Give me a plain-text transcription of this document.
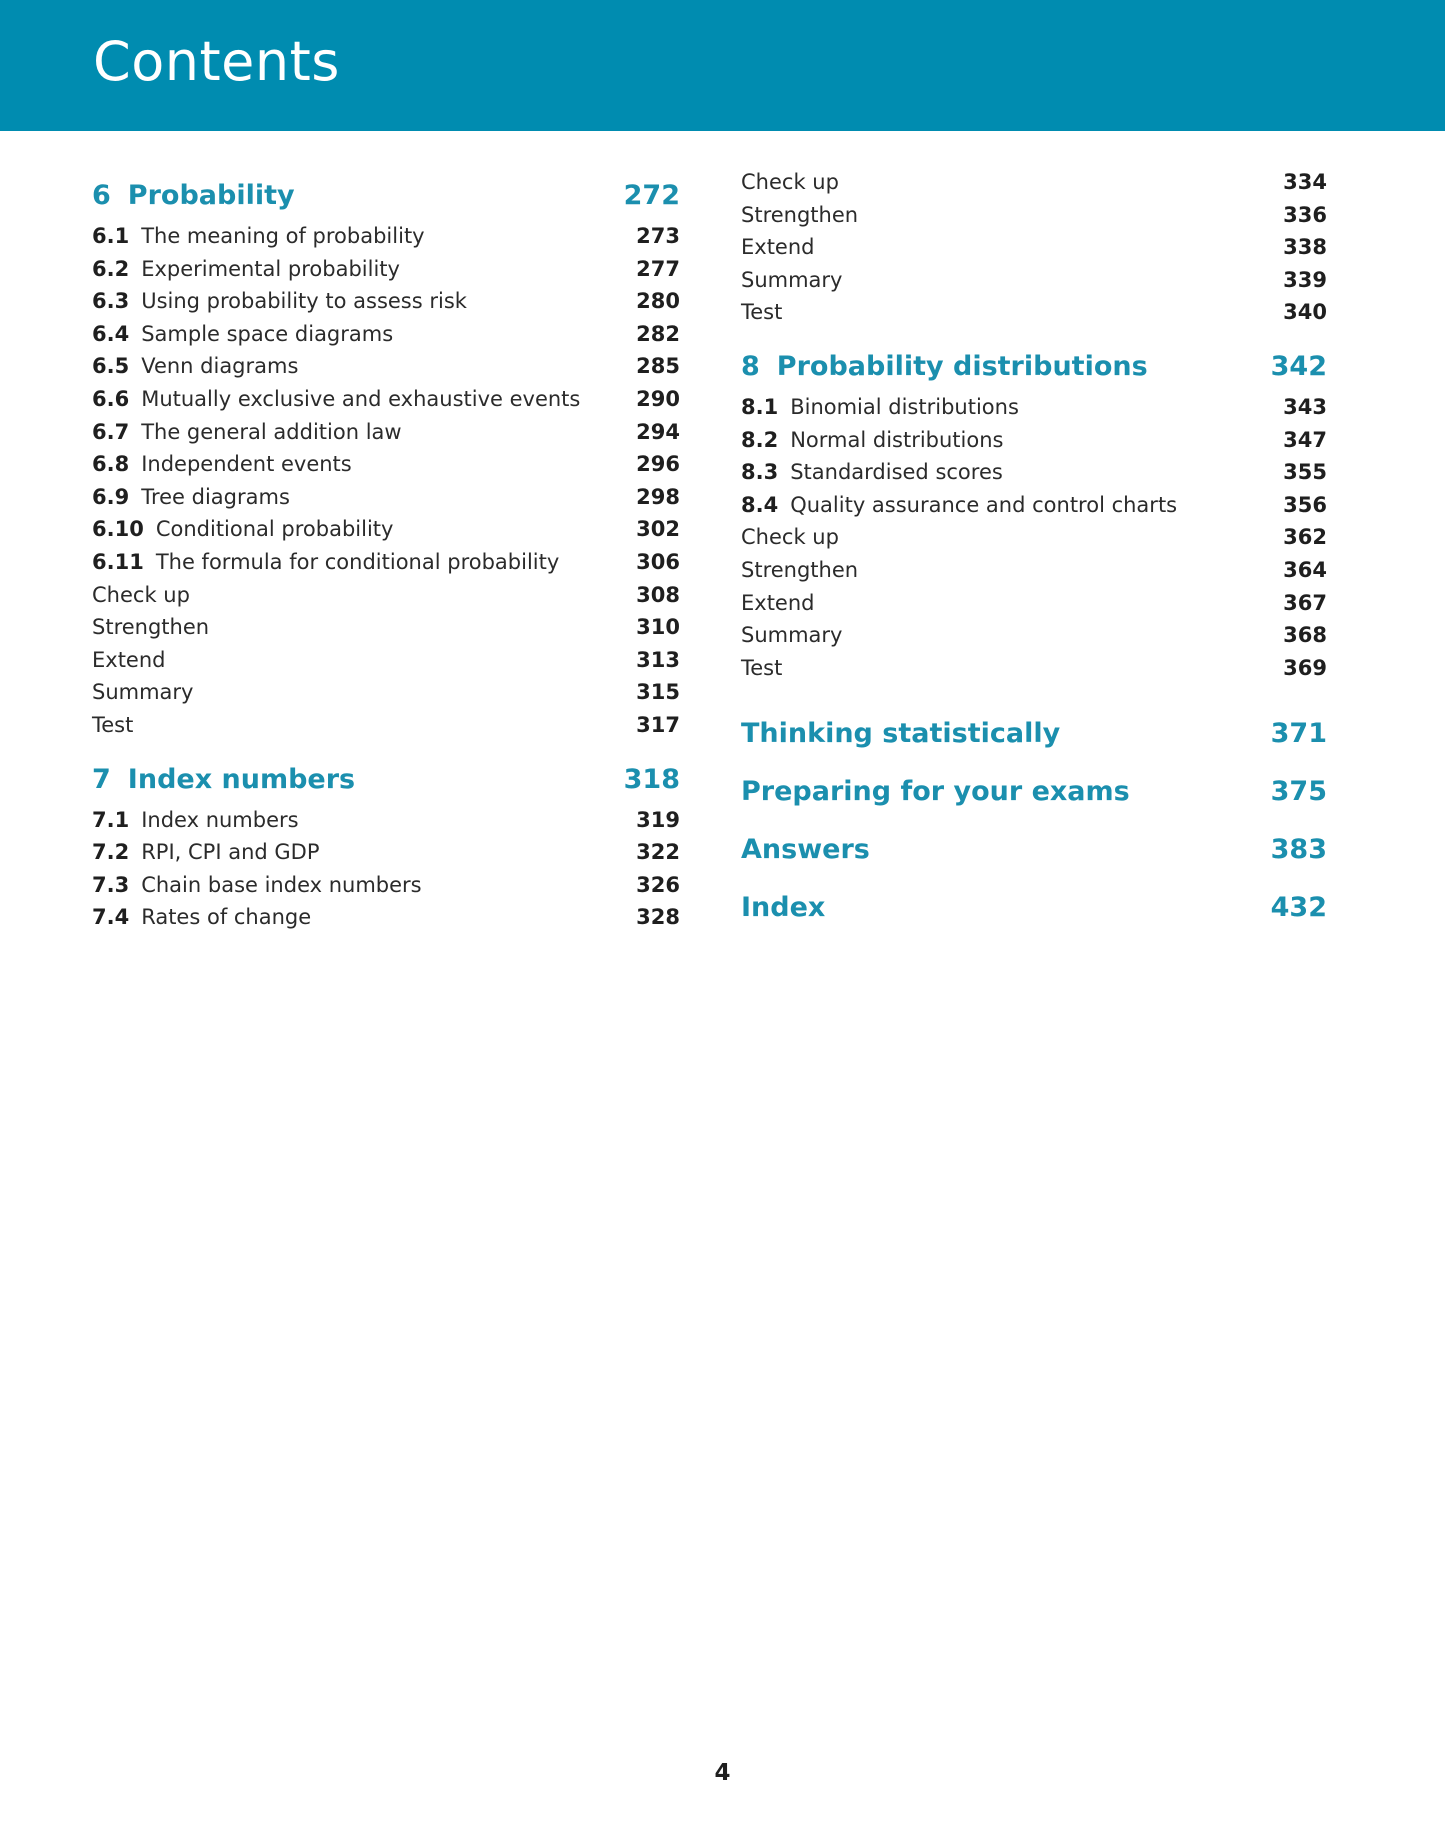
Contents
6 Probability	272
6.1 The meaning of probability	273
6.2 Experimental probability	277
6.3 Using probability to assess risk	280
6.4 Sample space diagrams	282
6.5 Venn diagrams	285
6.6 Mutually exclusive and exhaustive events	290
6.7 The general addition law	294
6.8 Independent events	296
6.9 Tree diagrams	298
6.10 Conditional probability	302
6.11 The formula for conditional probability	306
Check up	308
Strengthen	310
Extend	313
Summary	315
Test	317
7 Index numbers	318
7.1 Index numbers	319
7.2 RPI, CPI and GDP	322
7.3 Chain base index numbers	326
7.4 Rates of change	328
Check up	334
Strengthen	336
Extend	338
Summary	339
Test	340
8 Probability distributions	342
8.1 Binomial distributions	343
8.2 Normal distributions	347
8.3 Standardised scores	355
8.4 Quality assurance and control charts	356
Check up	362
Strengthen	364
Extend	367
Summary	368
Test	369
Thinking statistically	371
Preparing for your exams	375
Answers	383
Index	432
4
